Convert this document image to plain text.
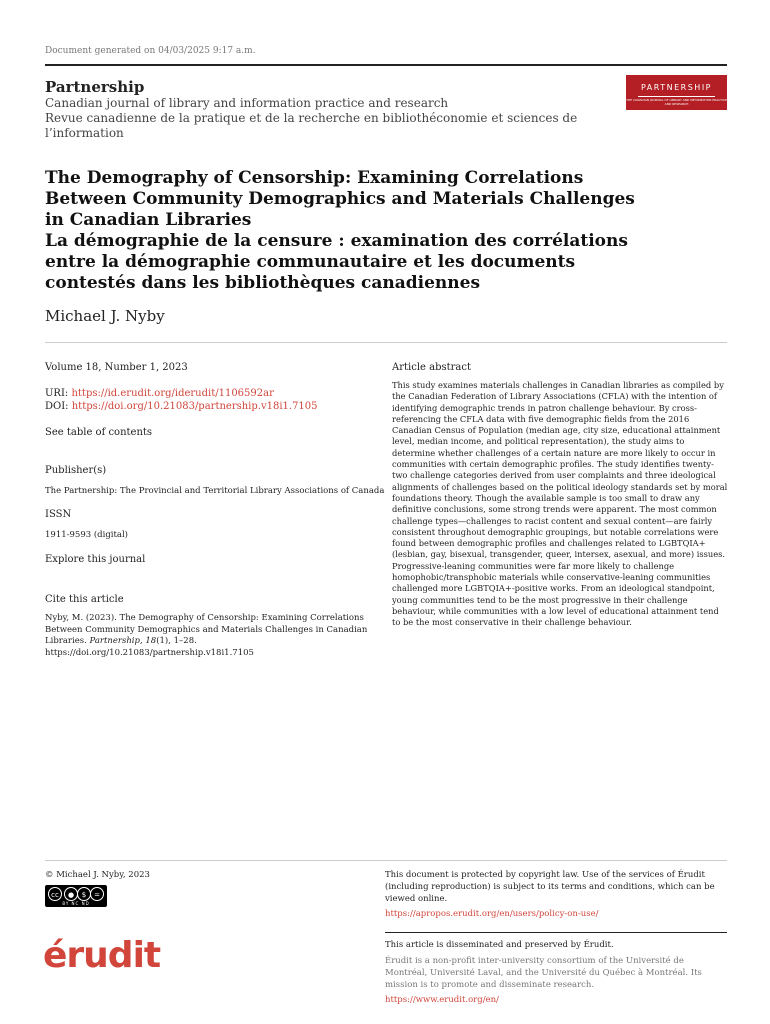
Document generated on 04/03/2025 9:17 a.m.
Partnership
Canadian journal of library and information practice and research
Revue canadienne de la pratique et de la recherche en bibliothéconomie et sciences de l’information
PARTNERSHIP
THE CANADIAN JOURNAL OF LIBRARY AND INFORMATION PRACTICE AND RESEARCH
The Demography of Censorship: Examining Correlations
Between Community Demographics and Materials Challenges
in Canadian Libraries
La démographie de la censure : examination des corrélations
entre la démographie communautaire et les documents
contestés dans les bibliothèques canadiennes
Michael J. Nyby
Volume 18, Number 1, 2023
URI: https://id.erudit.org/iderudit/1106592ar
DOI: https://doi.org/10.21083/partnership.v18i1.7105
See table of contents
Publisher(s)
The Partnership: The Provincial and Territorial Library Associations of Canada
ISSN
1911-9593 (digital)
Explore this journal
Cite this article
Nyby, M. (2023). The Demography of Censorship: Examining Correlations
Between Community Demographics and Materials Challenges in Canadian
Libraries. Partnership, 18(1), 1–28.
https://doi.org/10.21083/partnership.v18i1.7105
Article abstract
This study examines materials challenges in Canadian libraries as compiled by the Canadian Federation of Library Associations (CFLA) with the intention of identifying demographic trends in patron challenge behaviour. By cross-referencing the CFLA data with five demographic fields from the 2016 Canadian Census of Population (median age, city size, educational attainment level, median income, and political representation), the study aims to determine whether challenges of a certain nature are more likely to occur in communities with certain demographic profiles. The study identifies twenty-two challenge categories derived from user complaints and three ideological alignments of challenges based on the political ideology standards set by moral foundations theory. Though the available sample is too small to draw any definitive conclusions, some strong trends were apparent. The most common challenge types—challenges to racist content and sexual content—are fairly consistent throughout demographic groupings, but notable correlations were found between demographic profiles and challenges related to LGBTQIA+ (lesbian, gay, bisexual, transgender, queer, intersex, asexual, and more) issues. Progressive-leaning communities were far more likely to challenge homophobic/transphobic materials while conservative-leaning communities challenged more LGBTQIA+-positive works. From an ideological standpoint, young communities tend to be the most progressive in their challenge behaviour, while communities with a low level of educational attainment tend to be the most conservative in their challenge behaviour.
© Michael J. Nyby, 2023
cc	●	$	=
BY NC ND
This document is protected by copyright law. Use of the services of Érudit (including reproduction) is subject to its terms and conditions, which can be viewed online.
https://apropos.erudit.org/en/users/policy-on-use/
érudit	This article is disseminated and preserved by Érudit.
Érudit is a non-profit inter-university consortium of the Université de Montréal, Université Laval, and the Université du Québec à Montréal. Its mission is to promote and disseminate research.
https://www.erudit.org/en/
